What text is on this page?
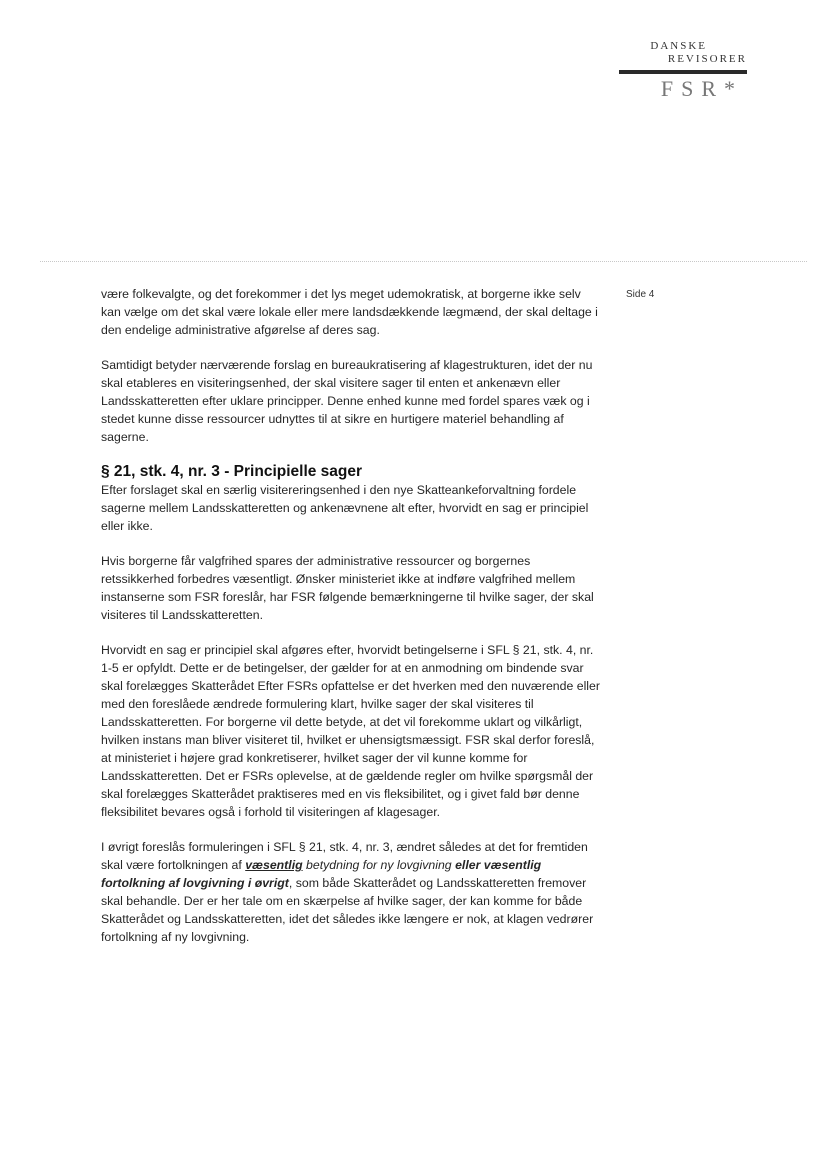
DANSKE
REVISORER
FSR*
Side 4

være folkevalgte, og det forekommer i det lys meget udemokratisk, at borgerne ikke selv kan vælge om det skal være lokale eller mere landsdækkende lægmænd, der skal deltage i den endelige administrative afgørelse af deres sag.

Samtidigt betyder nærværende forslag en bureaukratisering af klagestrukturen, idet der nu skal etableres en visiteringsenhed, der skal visitere sager til enten et ankenævn eller Landsskatteretten efter uklare principper. Denne enhed kunne med fordel spares væk og i stedet kunne disse ressourcer udnyttes til at sikre en hurtigere materiel behandling af sagerne.

§ 21, stk. 4, nr. 3 - Principielle sager

Efter forslaget skal en særlig visitereringsenhed i den nye Skatteankeforvaltning fordele sagerne mellem Landsskatteretten og ankenævnene alt efter, hvorvidt en sag er principiel eller ikke.

Hvis borgerne får valgfrihed spares der administrative ressourcer og borgernes retssikkerhed forbedres væsentligt. Ønsker ministeriet ikke at indføre valgfrihed mellem instanserne som FSR foreslår, har FSR følgende bemærkningerne til hvilke sager, der skal visiteres til Landsskatteretten.

Hvorvidt en sag er principiel skal afgøres efter, hvorvidt betingelserne i SFL § 21, stk. 4, nr. 1-5 er opfyldt. Dette er de betingelser, der gælder for at en anmodning om bindende svar skal forelægges Skatterådet Efter FSRs opfattelse er det hverken med den nuværende eller med den foreslåede ændrede formulering klart, hvilke sager der skal visiteres til Landsskatteretten. For borgerne vil dette betyde, at det vil forekomme uklart og vilkårligt, hvilken instans man bliver visiteret til, hvilket er uhensigtsmæssigt. FSR skal derfor foreslå, at ministeriet i højere grad konkretiserer, hvilket sager der vil kunne komme for Landsskatteretten. Det er FSRs oplevelse, at de gældende regler om hvilke spørgsmål der skal forelægges Skatterådet praktiseres med en vis fleksibilitet, og i givet fald bør denne fleksibilitet bevares også i forhold til visiteringen af klagesager.

I øvrigt foreslås formuleringen i SFL § 21, stk. 4, nr. 3, ændret således at det for fremtiden skal være fortolkningen af væsentlig betydning for ny lovgivning eller væsentlig fortolkning af lovgivning i øvrigt, som både Skatterådet og Landsskatteretten fremover skal behandle. Der er her tale om en skærpelse af hvilke sager, der kan komme for både Skatterådet og Landsskatteretten, idet det således ikke længere er nok, at klagen vedrører fortolkning af ny lovgivning.
